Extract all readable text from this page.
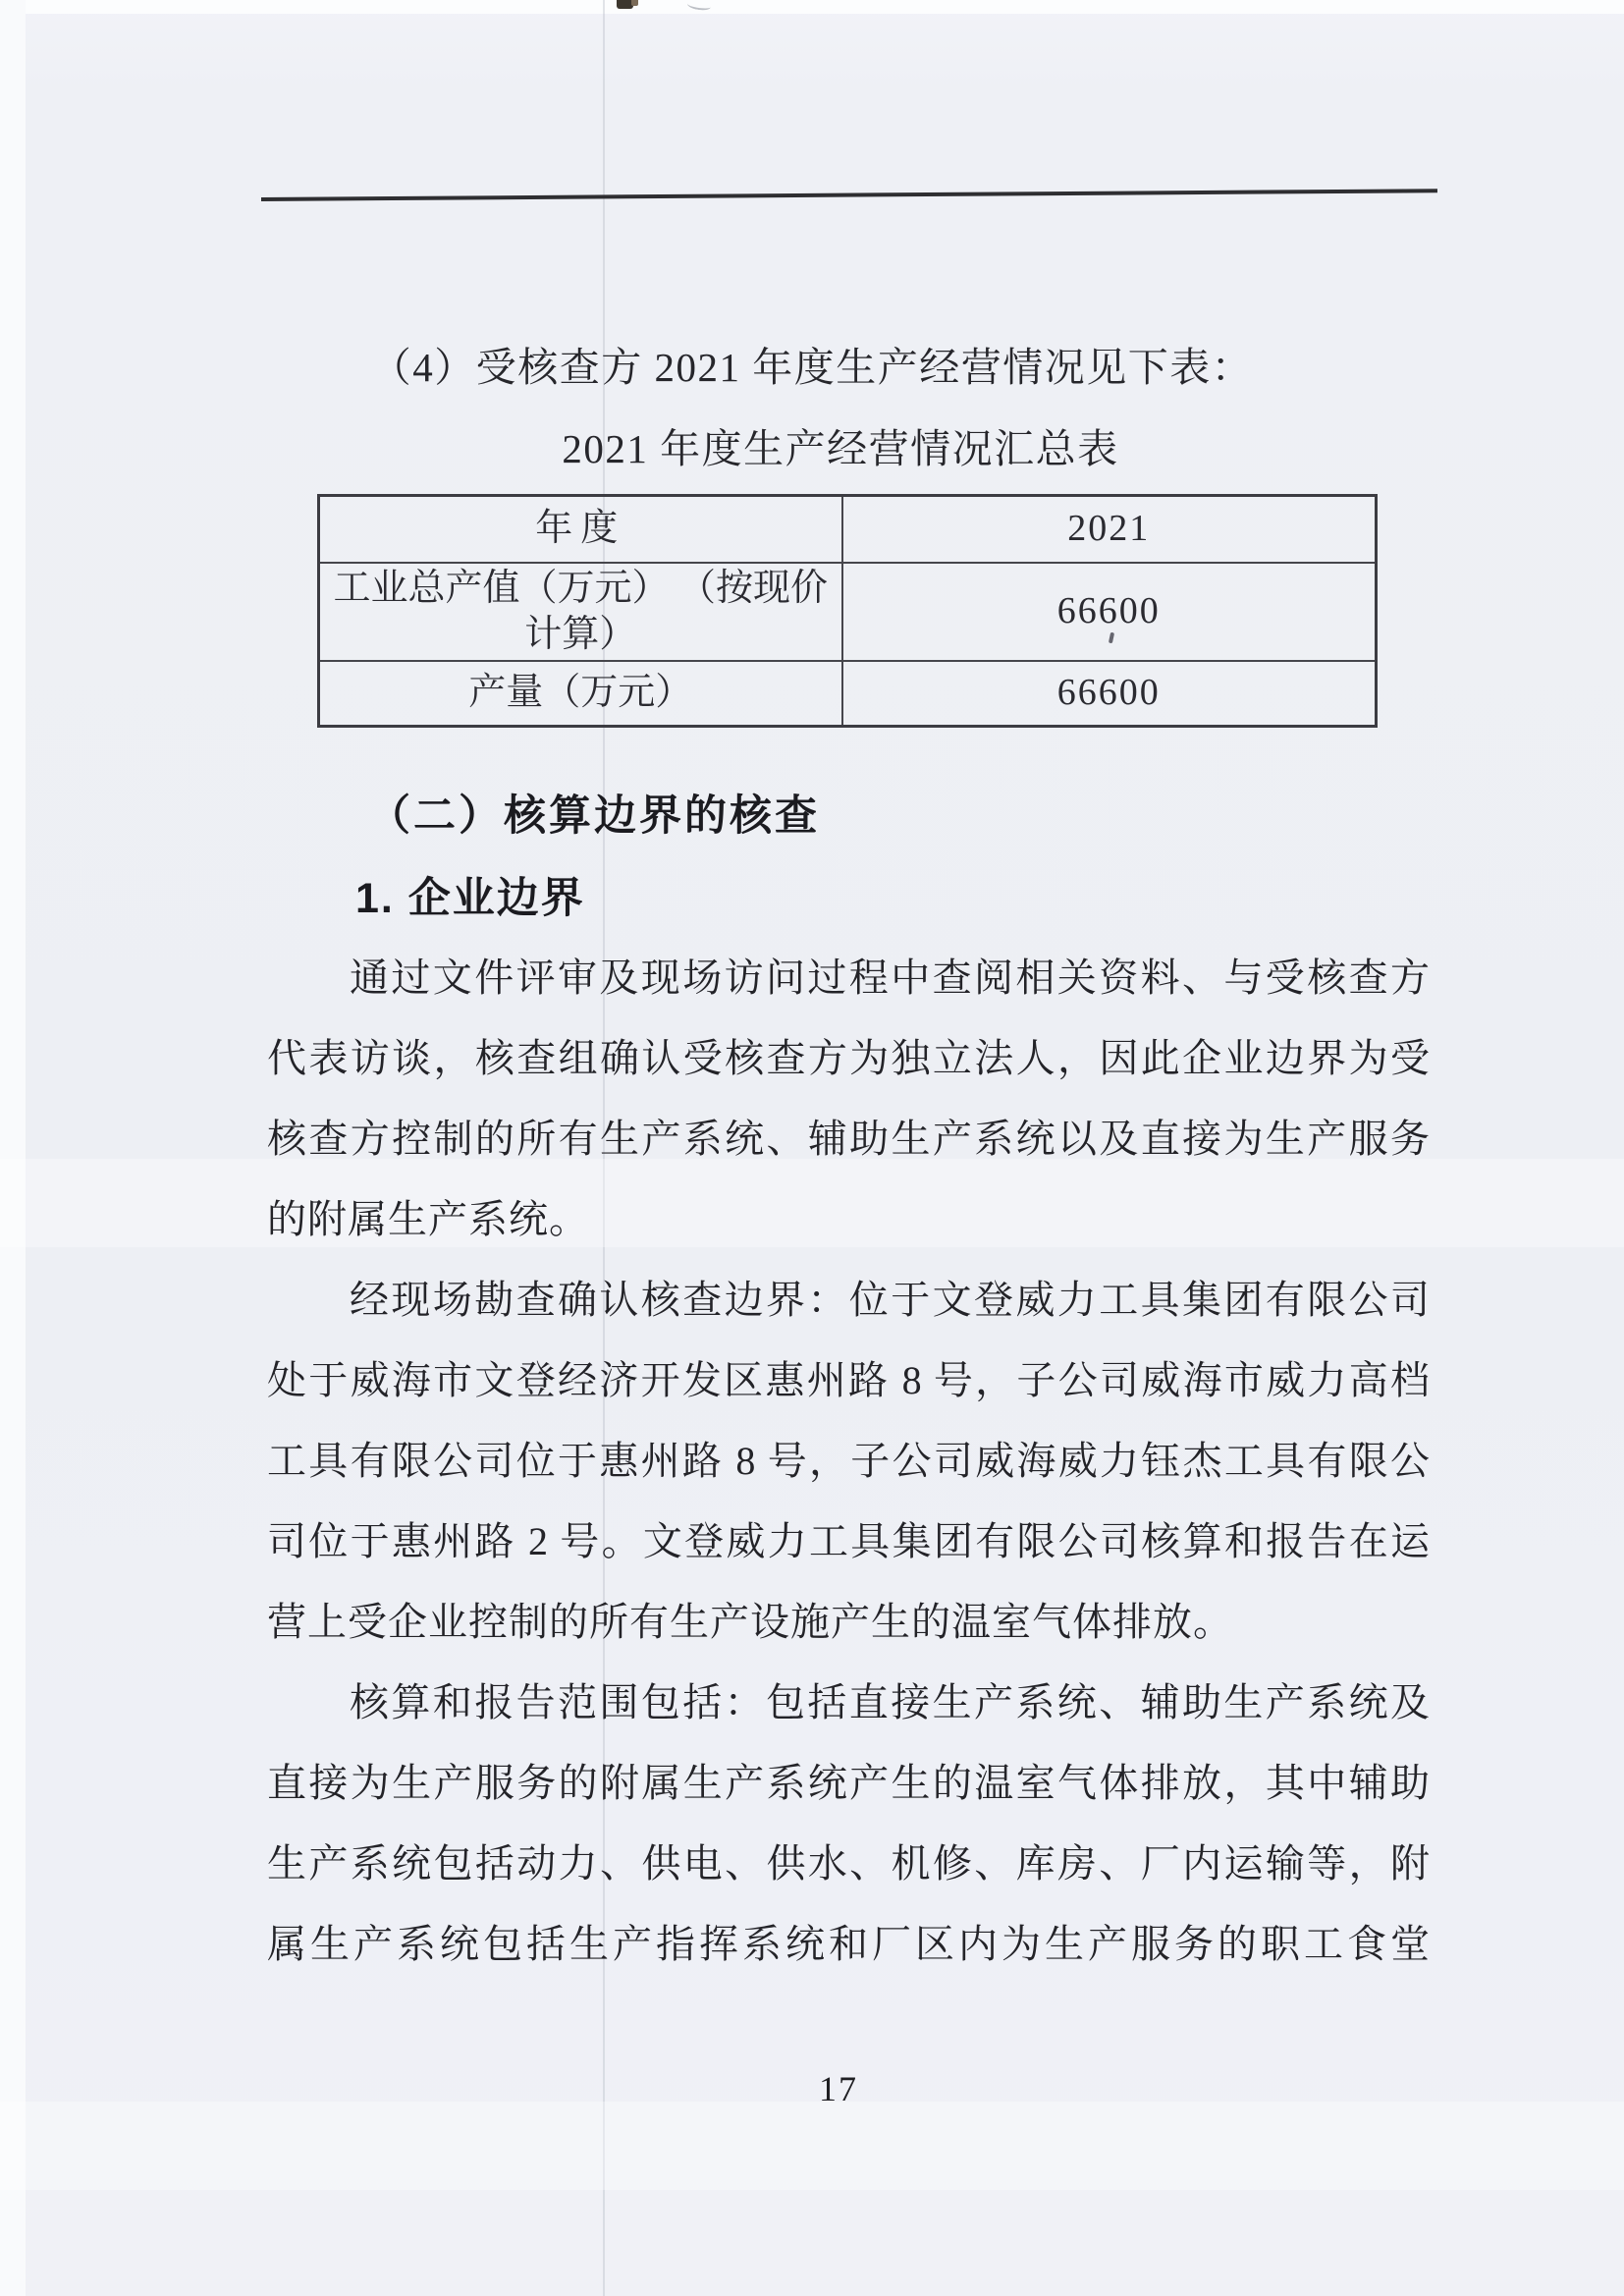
（4）受核查方 2021 年度生产经营情况见下表：
2021 年度生产经营情况汇总表
年度	2021
工业总产值（万元） （按现价计算）	66600
产量（万元）	66600
（二）核算边界的核查
1. 企业边界
通过文件评审及现场访问过程中查阅相关资料、与受核查方
代表访谈，核查组确认受核查方为独立法人，因此企业边界为受
核查方控制的所有生产系统、辅助生产系统以及直接为生产服务
的附属生产系统。
经现场勘查确认核查边界：位于文登威力工具集团有限公司
处于威海市文登经济开发区惠州路 8 号，子公司威海市威力高档
工具有限公司位于惠州路 8 号，子公司威海威力钰杰工具有限公
司位于惠州路 2 号。文登威力工具集团有限公司核算和报告在运
营上受企业控制的所有生产设施产生的温室气体排放。
核算和报告范围包括：包括直接生产系统、辅助生产系统及
直接为生产服务的附属生产系统产生的温室气体排放，其中辅助
生产系统包括动力、供电、供水、机修、库房、厂内运输等，附
属生产系统包括生产指挥系统和厂区内为生产服务的职工食堂
17
